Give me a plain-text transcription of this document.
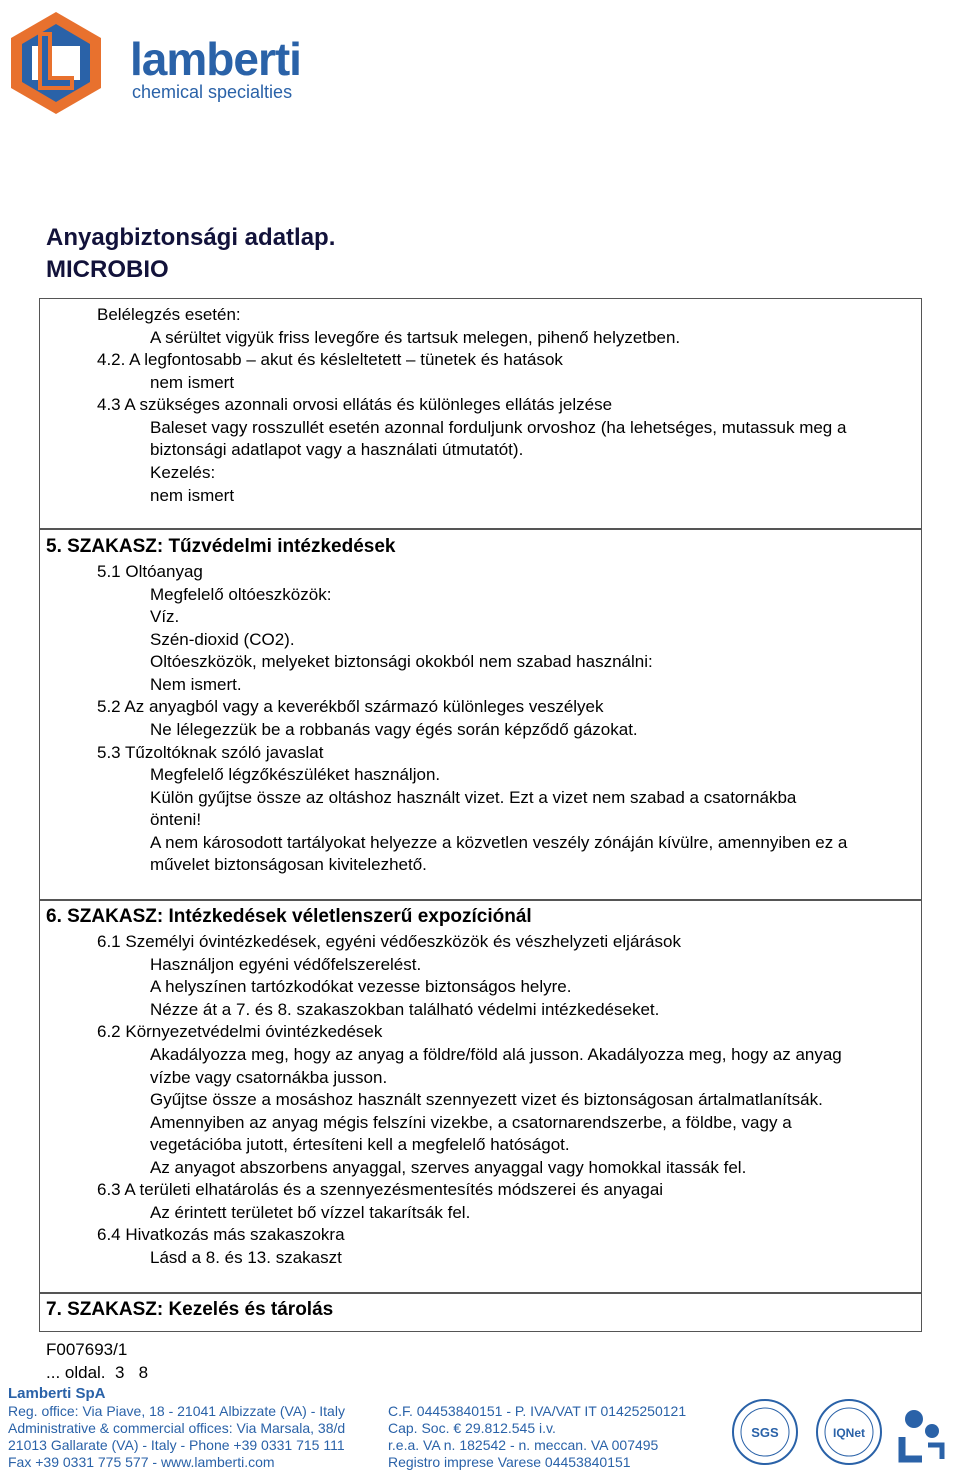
lamberti
chemical specialties
Anyagbiztonsági adatlap.
MICROBIO
Belélegzés esetén:
A sérültet vigyük friss levegőre és tartsuk melegen, pihenő helyzetben.
4.2. A legfontosabb – akut és késleltetett – tünetek és hatások
nem ismert
4.3 A szükséges azonnali orvosi ellátás és különleges ellátás jelzése
Baleset vagy rosszullét esetén azonnal forduljunk orvoshoz (ha lehetséges, mutassuk meg a
biztonsági adatlapot vagy a használati útmutatót).
Kezelés:
nem ismert
5. SZAKASZ: Tűzvédelmi intézkedések
5.1 Oltóanyag
Megfelelő oltóeszközök:
Víz.
Szén-dioxid (CO2).
Oltóeszközök, melyeket biztonsági okokból nem szabad használni:
Nem ismert.
5.2 Az anyagból vagy a keverékből származó különleges veszélyek
Ne lélegezzük be a robbanás vagy égés során képződő gázokat.
5.3 Tűzoltóknak szóló javaslat
Megfelelő légzőkészüléket használjon.
Külön gyűjtse össze az oltáshoz használt vizet. Ezt a vizet nem szabad a csatornákba
önteni!
A nem károsodott tartályokat helyezze a közvetlen veszély zónáján kívülre, amennyiben ez a
művelet biztonságosan kivitelezhető.
6. SZAKASZ: Intézkedések véletlenszerű expozíciónál
6.1 Személyi óvintézkedések, egyéni védőeszközök és vészhelyzeti eljárások
Használjon egyéni védőfelszerelést.
A helyszínen tartózkodókat vezesse biztonságos helyre.
Nézze át a 7. és 8. szakaszokban található védelmi intézkedéseket.
6.2 Környezetvédelmi óvintézkedések
Akadályozza meg, hogy az anyag a földre/föld alá jusson. Akadályozza meg, hogy az anyag
vízbe vagy csatornákba jusson.
Gyűjtse össze a mosáshoz használt szennyezett vizet és biztonságosan ártalmatlanítsák.
Amennyiben az anyag mégis felszíni vizekbe, a csatornarendszerbe, a földbe, vagy a
vegetációba jutott, értesíteni kell a megfelelő hatóságot.
Az anyagot abszorbens anyaggal, szerves anyaggal vagy homokkal itassák fel.
6.3 A területi elhatárolás és a szennyezésmentesítés módszerei és anyagai
Az érintett területet bő vízzel takarítsák fel.
6.4 Hivatkozás más szakaszokra
Lásd a 8. és 13. szakaszt
7. SZAKASZ: Kezelés és tárolás
F007693/1
... oldal.  3   8
Lamberti SpA
Reg. office: Via Piave, 18 - 21041 Albizzate (VA) - Italy
Administrative & commercial offices: Via Marsala, 38/d
21013 Gallarate (VA) - Italy - Phone +39 0331 715 111
Fax +39 0331 775 577 - www.lamberti.com
C.F. 04453840151 - P. IVA/VAT IT 01425250121
Cap. Soc. € 29.812.545 i.v.
r.e.a. VA n. 182542 - n. meccan. VA 007495
Registro imprese Varese 04453840151
SGS	IQNet
